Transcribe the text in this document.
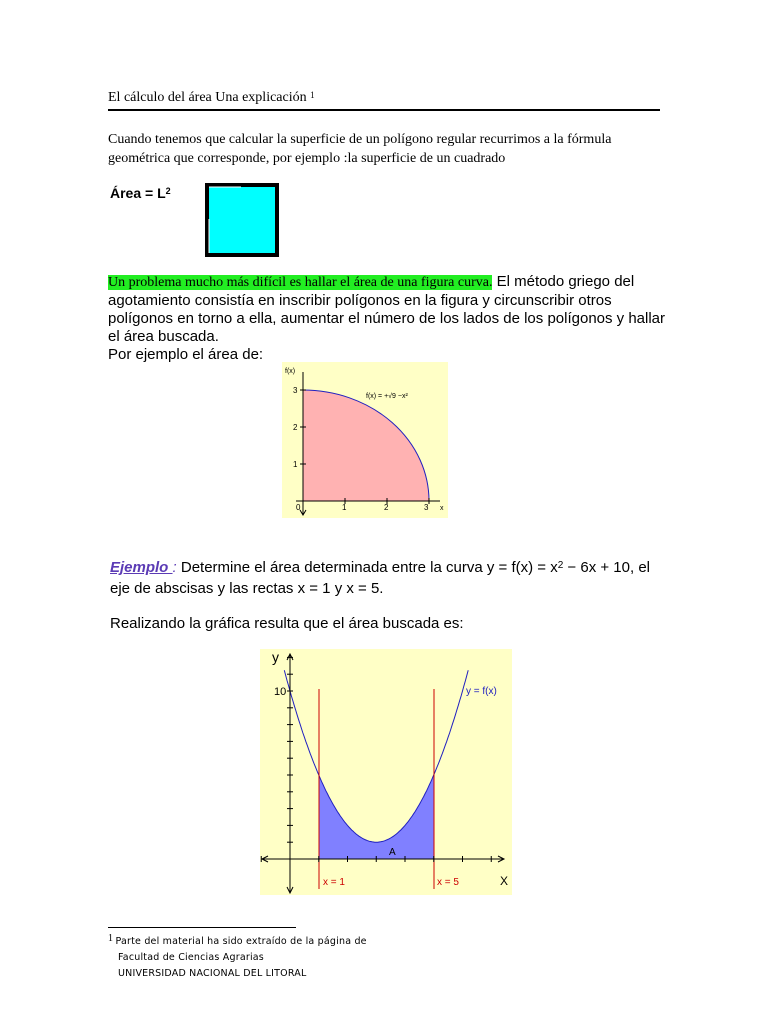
El cálculo del área Una explicación $^1$
Cuando tenemos que calcular la superficie de un polígono regular recurrimos a la fórmula geométrica que corresponde, por ejemplo :la superficie de un cuadrado
Área = $L^2$
Un problema mucho más difícil es hallar el área de una figura curva. El método griego del agotamiento consistía en inscribir polígonos en la figura y circunscribir otros polígonos en torno a ella, aumentar el número de los lados de los polígonos y hallar el área buscada.
Por ejemplo el área de:
f(x)
x
1
2
3
0	1	2	3
f(x) = +√9 −x²
Ejemplo : Determine el área determinada entre la curva $y = f(x) = x^2 - 6x + 10$, el eje de abscisas y las rectas x = 1 y x = 5.
Realizando la gráfica resulta que el área buscada es:
y
X
10	y = f(x)
A
x = 1	x = 5
1 Parte del material ha sido extraído de la página de
Facultad de Ciencias Agrarias
UNIVERSIDAD NACIONAL DEL LITORAL
